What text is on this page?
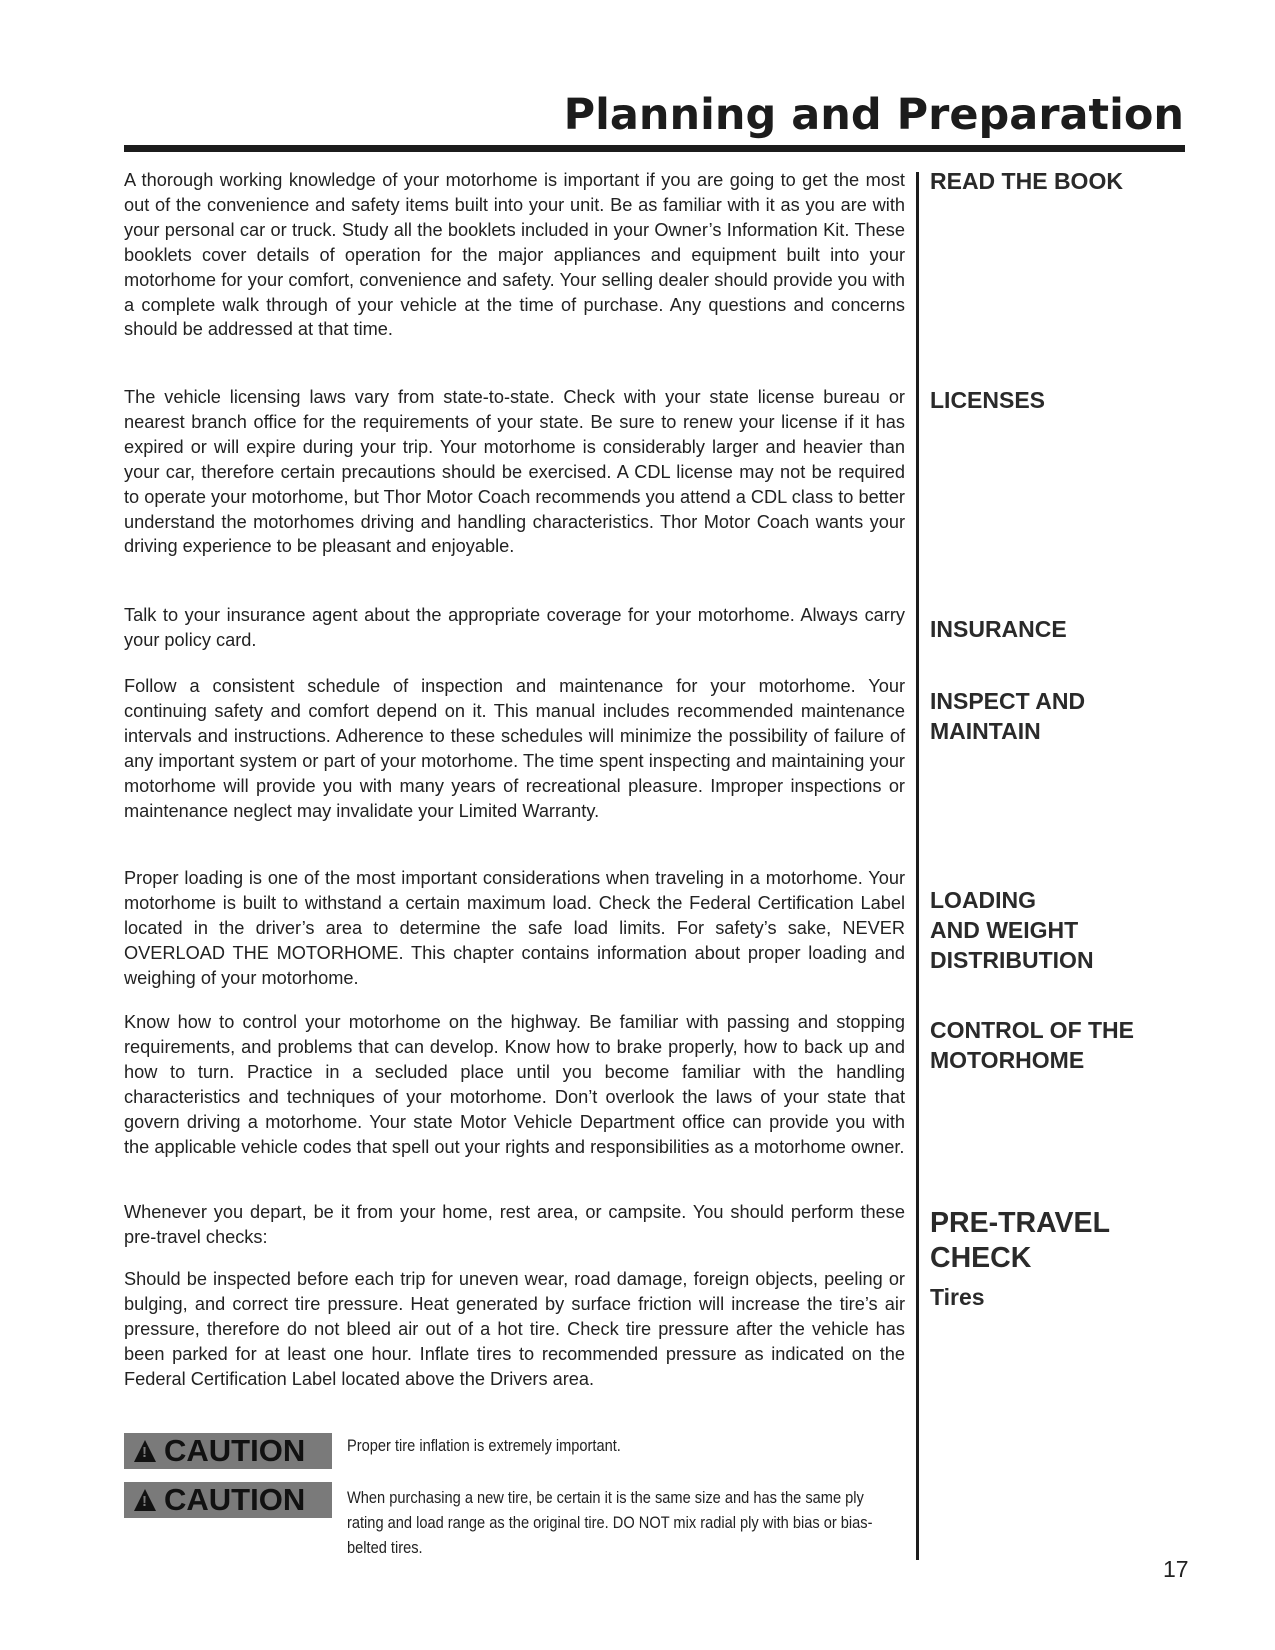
Planning and Preparation

A thorough working knowledge of your motorhome is important if you are going to get the most out of the convenience and safety items built into your unit. Be as familiar with it as you are with your personal car or truck. Study all the booklets included in your Owner’s Information Kit. These booklets cover details of operation for the major appliances and equipment built into your motorhome for your comfort, convenience and safety. Your selling dealer should provide you with a complete walk through of your vehicle at the time of purchase. Any questions and concerns should be addressed at that time.

The vehicle licensing laws vary from state-to-state. Check with your state license bureau or nearest branch office for the requirements of your state. Be sure to renew your license if it has expired or will expire during your trip. Your motorhome is considerably larger and heavier than your car, therefore certain precautions should be exercised. A CDL license may not be required to operate your motorhome, but Thor Motor Coach recommends you attend a CDL class to better understand the motorhomes driving and handling characteristics. Thor Motor Coach wants your driving experience to be pleasant and enjoyable.

Talk to your insurance agent about the appropriate coverage for your motorhome. Always carry your policy card.

Follow a consistent schedule of inspection and maintenance for your motorhome. Your continuing safety and comfort depend on it. This manual includes recommended maintenance intervals and instructions. Adherence to these schedules will minimize the possibility of failure of any important system or part of your motorhome. The time spent inspecting and maintaining your motorhome will provide you with many years of recreational pleasure. Improper inspections or maintenance neglect may invalidate your Limited Warranty.

Proper loading is one of the most important considerations when traveling in a motorhome. Your motorhome is built to withstand a certain maximum load. Check the Federal Certification Label located in the driver’s area to determine the safe load limits. For safety’s sake, NEVER OVERLOAD THE MOTORHOME. This chapter contains information about proper loading and weighing of your motorhome.

Know how to control your motorhome on the highway. Be familiar with passing and stopping requirements, and problems that can develop. Know how to brake properly, how to back up and how to turn. Practice in a secluded place until you become familiar with the handling characteristics and techniques of your motorhome. Don’t overlook the laws of your state that govern driving a motorhome. Your state Motor Vehicle Department office can provide you with the applicable vehicle codes that spell out your rights and responsibilities as a motorhome owner.

Whenever you depart, be it from your home, rest area, or campsite. You should perform these pre-travel checks:

Should be inspected before each trip for uneven wear, road damage, foreign objects, peeling or bulging, and correct tire pressure. Heat generated by surface friction will increase the tire’s air pressure, therefore do not bleed air out of a hot tire. Check tire pressure after the vehicle has been parked for at least one hour. Inflate tires to recommended pressure as indicated on the Federal Certification Label located above the Drivers area.

READ THE BOOK
LICENSES
INSURANCE
INSPECT AND
MAINTAIN
LOADING
AND WEIGHT
DISTRIBUTION
CONTROL OF THE
MOTORHOME
PRE-TRAVEL
CHECK
Tires
!
CAUTION Proper tire inflation is extremely important.

!
CAUTION When purchasing a new tire, be certain it is the same size and has the same ply rating and load range as the original tire. DO NOT mix radial ply with bias or bias-belted tires.

17
